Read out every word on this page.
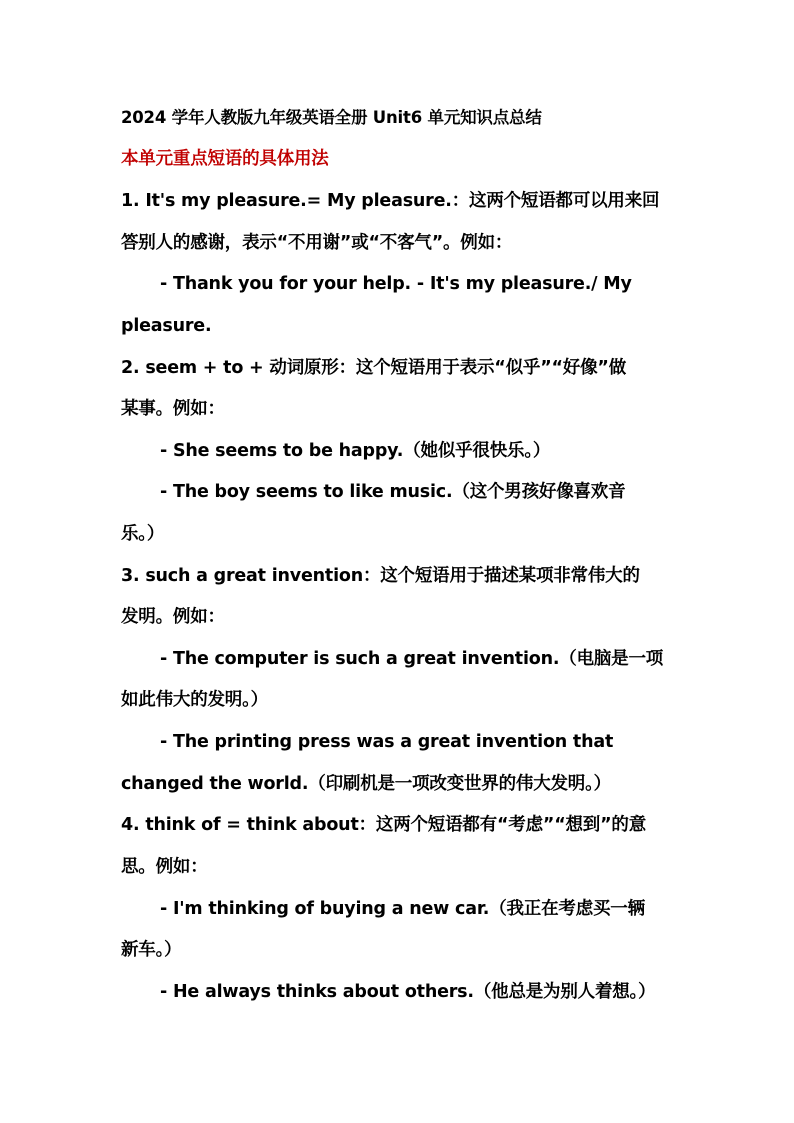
2024 学年人教版九年级英语全册 Unit6 单元知识点总结
本单元重点短语的具体用法
1. It's my pleasure.= My pleasure.：这两个短语都可以用来回
答别人的感谢，表示“不用谢”或“不客气”。例如：
- Thank you for your help. - It's my pleasure./ My
pleasure.
2. seem + to + 动词原形：这个短语用于表示“似乎”“好像”做
某事。例如：
- She seems to be happy.（她似乎很快乐。）
- The boy seems to like music.（这个男孩好像喜欢音
乐。）
3. such a great invention：这个短语用于描述某项非常伟大的
发明。例如：
- The computer is such a great invention.（电脑是一项
如此伟大的发明。）
- The printing press was a great invention that
changed the world.（印刷机是一项改变世界的伟大发明。）
4. think of = think about：这两个短语都有“考虑”“想到”的意
思。例如：
- I'm thinking of buying a new car.（我正在考虑买一辆
新车。）
- He always thinks about others.（他总是为别人着想。）
